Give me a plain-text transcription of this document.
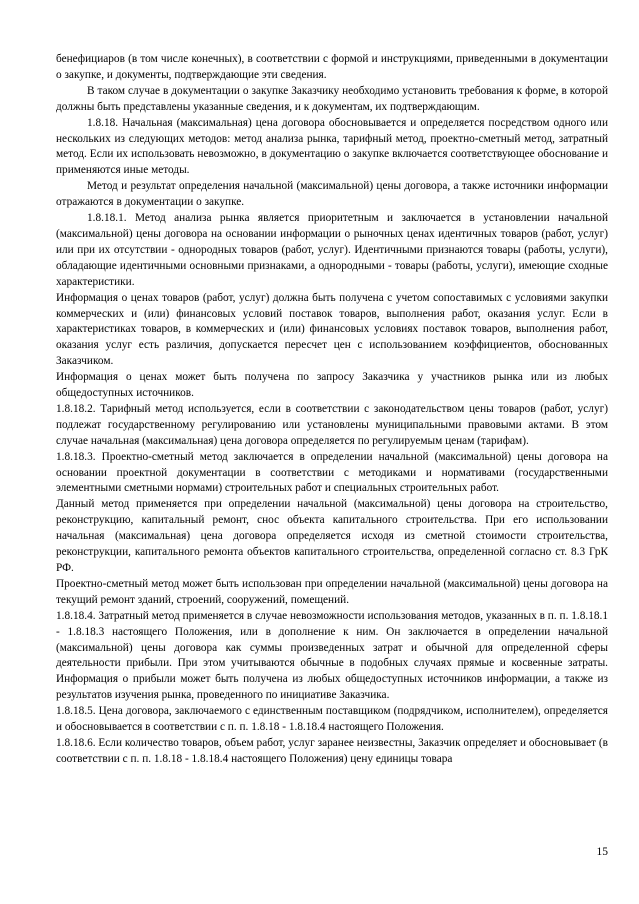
бенефициаров (в том числе конечных), в соответствии с формой и инструкциями, приведенными в документации о закупке, и документы, подтверждающие эти сведения.

В таком случае в документации о закупке Заказчику необходимо установить требования к форме, в которой должны быть представлены указанные сведения, и к документам, их подтверждающим.

1.8.18. Начальная (максимальная) цена договора обосновывается и определяется посредством одного или нескольких из следующих методов: метод анализа рынка, тарифный метод, проектно-сметный метод, затратный метод. Если их использовать невозможно, в документацию о закупке включается соответствующее обоснование и применяются иные методы.

Метод и результат определения начальной (максимальной) цены договора, а также источники информации отражаются в документации о закупке.

1.8.18.1. Метод анализа рынка является приоритетным и заключается в установлении начальной (максимальной) цены договора на основании информации о рыночных ценах идентичных товаров (работ, услуг) или при их отсутствии - однородных товаров (работ, услуг). Идентичными признаются товары (работы, услуги), обладающие идентичными основными признаками, а однородными - товары (работы, услуги), имеющие сходные характеристики.

Информация о ценах товаров (работ, услуг) должна быть получена с учетом сопоставимых с условиями закупки коммерческих и (или) финансовых условий поставок товаров, выполнения работ, оказания услуг. Если в характеристиках товаров, в коммерческих и (или) финансовых условиях поставок товаров, выполнения работ, оказания услуг есть различия, допускается пересчет цен с использованием коэффициентов, обоснованных Заказчиком.

Информация о ценах может быть получена по запросу Заказчика у участников рынка или из любых общедоступных источников.

1.8.18.2. Тарифный метод используется, если в соответствии с законодательством цены товаров (работ, услуг) подлежат государственному регулированию или установлены муниципальными правовыми актами. В этом случае начальная (максимальная) цена договора определяется по регулируемым ценам (тарифам).

1.8.18.3. Проектно-сметный метод заключается в определении начальной (максимальной) цены договора на основании проектной документации в соответствии с методиками и нормативами (государственными элементными сметными нормами) строительных работ и специальных строительных работ.

Данный метод применяется при определении начальной (максимальной) цены договора на строительство, реконструкцию, капитальный ремонт, снос объекта капитального строительства. При его использовании начальная (максимальная) цена договора определяется исходя из сметной стоимости строительства, реконструкции, капитального ремонта объектов капитального строительства, определенной согласно ст. 8.3 ГрК РФ.

Проектно-сметный метод может быть использован при определении начальной (максимальной) цены договора на текущий ремонт зданий, строений, сооружений, помещений.

1.8.18.4. Затратный метод применяется в случае невозможности использования методов, указанных в п. п. 1.8.18.1 - 1.8.18.3 настоящего Положения, или в дополнение к ним. Он заключается в определении начальной (максимальной) цены договора как суммы произведенных затрат и обычной для определенной сферы деятельности прибыли. При этом учитываются обычные в подобных случаях прямые и косвенные затраты. Информация о прибыли может быть получена из любых общедоступных источников информации, а также из результатов изучения рынка, проведенного по инициативе Заказчика.

1.8.18.5. Цена договора, заключаемого с единственным поставщиком (подрядчиком, исполнителем), определяется и обосновывается в соответствии с п. п. 1.8.18 - 1.8.18.4 настоящего Положения.

1.8.18.6. Если количество товаров, объем работ, услуг заранее неизвестны, Заказчик определяет и обосновывает (в соответствии с п. п. 1.8.18 - 1.8.18.4 настоящего Положения) цену единицы товара

15
